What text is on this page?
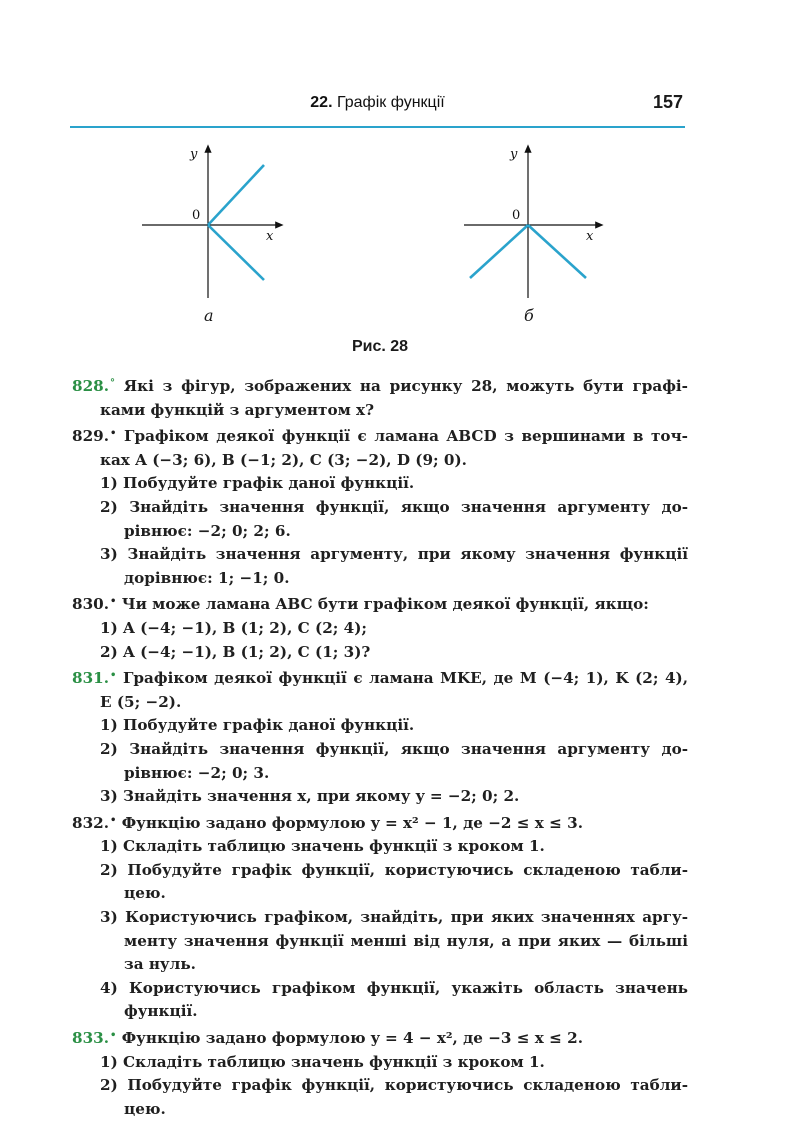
22. Графік функції	157
y
x
0
а
y
x
0
б
Рис. 28
828.° Які з фігур, зображених на рисунку 28, можуть бути графі-
ками функцій з аргументом x?
829.• Графіком деякої функції є ламана ABCD з вершинами в точ-
ках A (−3; 6), B (−1; 2), C (3; −2), D (9; 0).
1) Побудуйте графік даної функції.
2) Знайдіть значення функції, якщо значення аргументу до-
рівнює: −2; 0; 2; 6.
3) Знайдіть значення аргументу, при якому значення функції
дорівнює: 1; −1; 0.
830.• Чи може ламана ABC бути графіком деякої функції, якщо:
1) A (−4; −1), B (1; 2), C (2; 4);
2) A (−4; −1), B (1; 2), C (1; 3)?
831.• Графіком деякої функції є ламана MKE, де M (−4; 1), K (2; 4),
E (5; −2).
1) Побудуйте графік даної функції.
2) Знайдіть значення функції, якщо значення аргументу до-
рівнює: −2; 0; 3.
3) Знайдіть значення x, при якому y = −2; 0; 2.
832.• Функцію задано формулою y = x² − 1, де −2 ≤ x ≤ 3.
1) Складіть таблицю значень функції з кроком 1.
2) Побудуйте графік функції, користуючись складеною табли-
цею.
3) Користуючись графіком, знайдіть, при яких значеннях аргу-
менту значення функції менші від нуля, а при яких — більші
за нуль.
4) Користуючись графіком функції, укажіть область значень
функції.
833.• Функцію задано формулою y = 4 − x², де −3 ≤ x ≤ 2.
1) Складіть таблицю значень функції з кроком 1.
2) Побудуйте графік функції, користуючись складеною табли-
цею.
